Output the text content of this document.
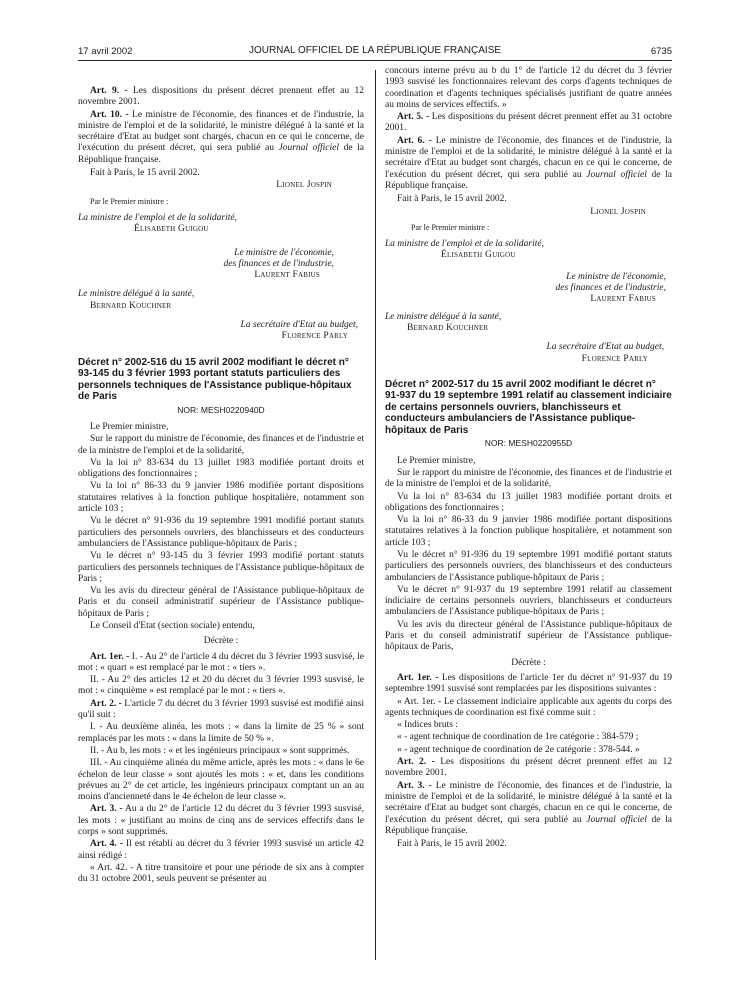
17 avril 2002	JOURNAL OFFICIEL DE LA RÉPUBLIQUE FRANÇAISE	6735

Art. 9. - Les dispositions du présent décret prennent effet au 12 novembre 2001.

Art. 10. - Le ministre de l'économie, des finances et de l'industrie, la ministre de l'emploi et de la solidarité, le ministre délégué à la santé et la secrétaire d'Etat au budget sont chargés, chacun en ce qui le concerne, de l'exécution du présent décret, qui sera publié au Journal officiel de la République française.

Fait à Paris, le 15 avril 2002.

Lionel Jospin

Par le Premier ministre :

La ministre de l'emploi et de la solidarité,

Élisabeth Guigou

Le ministre de l'économie,

des finances et de l'industrie,

Laurent Fabius

Le ministre délégué à la santé,

Bernard Kouchner

La secrétaire d'Etat au budget,

Florence Parly

Décret n° 2002-516 du 15 avril 2002 modifiant le décret n° 93-145 du 3 février 1993 portant statuts particuliers des personnels techniques de l'Assistance publique-hôpitaux de Paris

NOR: MESH0220940D

Le Premier ministre,

Sur le rapport du ministre de l'économie, des finances et de l'industrie et de la ministre de l'emploi et de la solidarité,

Vu la loi n° 83-634 du 13 juillet 1983 modifiée portant droits et obligations des fonctionnaires ;

Vu la loi n° 86-33 du 9 janvier 1986 modifiée portant dispositions statutaires relatives à la fonction publique hospitalière, notamment son article 103 ;

Vu le décret n° 91-936 du 19 septembre 1991 modifié portant statuts particuliers des personnels ouvriers, des blanchisseurs et des conducteurs ambulanciers de l'Assistance publique-hôpitaux de Paris ;

Vu le décret n° 93-145 du 3 février 1993 modifié portant statuts particuliers des personnels techniques de l'Assistance publique-hôpitaux de Paris ;

Vu les avis du directeur général de l'Assistance publique-hôpitaux de Paris et du conseil administratif supérieur de l'Assistance publique-hôpitaux de Paris ;

Le Conseil d'Etat (section sociale) entendu,

Décrète :

Art. 1er. - I. - Au 2° de l'article 4 du décret du 3 février 1993 susvisé, le mot : « quart » est remplacé par le mot : « tiers ».

II. - Au 2° des articles 12 et 20 du décret du 3 février 1993 susvisé, le mot : « cinquième » est remplacé par le mot : « tiers ».

Art. 2. - L'article 7 du décret du 3 février 1993 susvisé est modifié ainsi qu'il suit :

I. - Au deuxième alinéa, les mots : « dans la limite de 25 % » sont remplacés par les mots : « dans la limite de 50 % ».

II. - Au b, les mots : « et les ingénieurs principaux » sont supprimés.

III. - Au cinquième alinéa du même article, après les mots : « dans le 6e échelon de leur classe » sont ajoutés les mots : « et, dans les conditions prévues au 2° de cet article, les ingénieurs principaux comptant un an au moins d'ancienneté dans le 4e échelon de leur classe ».

Art. 3. - Au a du 2° de l'article 12 du décret du 3 février 1993 susvisé, les mots : « justifiant au moins de cinq ans de services effectifs dans le corps » sont supprimés.

Art. 4. - Il est rétabli au décret du 3 février 1993 susvisé un article 42 ainsi rédigé :

« Art. 42. - A titre transitoire et pour une période de six ans à compter du 31 octobre 2001, seuls peuvent se présenter au

concours interne prévu au b du 1° de l'article 12 du décret du 3 février 1993 susvisé les fonctionnaires relevant des corps d'agents techniques de coordination et d'agents techniques spécialisés justifiant de quatre années au moins de services effectifs. »

Art. 5. - Les dispositions du présent décret prennent effet au 31 octobre 2001.

Art. 6. - Le ministre de l'économie, des finances et de l'industrie, la ministre de l'emploi et de la solidarité, le ministre délégué à la santé et la secrétaire d'Etat au budget sont chargés, chacun en ce qui le concerne, de l'exécution du présent décret, qui sera publié au Journal officiel de la République française.

Fait à Paris, le 15 avril 2002.

Lionel Jospin

Par le Premier ministre :

La ministre de l'emploi et de la solidarité,

Élisabeth Guigou

Le ministre de l'économie,

des finances et de l'industrie,

Laurent Fabius

Le ministre délégué à la santé,

Bernard Kouchner

La secrétaire d'Etat au budget,

Florence Parly

Décret n° 2002-517 du 15 avril 2002 modifiant le décret n° 91-937 du 19 septembre 1991 relatif au classement indiciaire de certains personnels ouvriers, blanchisseurs et conducteurs ambulanciers de l'Assistance publique-hôpitaux de Paris

NOR: MESH0220955D

Le Premier ministre,

Sur le rapport du ministre de l'économie, des finances et de l'industrie et de la ministre de l'emploi et de la solidarité,

Vu la loi n° 83-634 du 13 juillet 1983 modifiée portant droits et obligations des fonctionnaires ;

Vu la loi n° 86-33 du 9 janvier 1986 modifiée portant dispositions statutaires relatives à la fonction publique hospitalière, et notamment son article 103 ;

Vu le décret n° 91-936 du 19 septembre 1991 modifié portant statuts particuliers des personnels ouvriers, des blanchisseurs et des conducteurs ambulanciers de l'Assistance publique-hôpitaux de Paris ;

Vu le décret n° 91-937 du 19 septembre 1991 relatif au classement indiciaire de certains personnels ouvriers, blanchisseurs et conducteurs ambulanciers de l'Assistance publique-hôpitaux de Paris ;

Vu les avis du directeur général de l'Assistance publique-hôpitaux de Paris et du conseil administratif supérieur de l'Assistance publique-hôpitaux de Paris,

Décrète :

Art. 1er. - Les dispositions de l'article 1er du décret n° 91-937 du 19 septembre 1991 susvisé sont remplacées par les dispositions suivantes :

« Art. 1er. - Le classement indiciaire applicable aux agents du corps des agents techniques de coordination est fixé comme suit :

« Indices bruts :

« - agent technique de coordination de 1re catégorie : 384-579 ;

« - agent technique de coordination de 2e catégorie : 378-544. »

Art. 2. - Les dispositions du présent décret prennent effet au 12 novembre 2001.

Art. 3. - Le ministre de l'économie, des finances et de l'industrie, la ministre de l'emploi et de la solidarité, le ministre délégué à la santé et la secrétaire d'Etat au budget sont chargés, chacun en ce qui le concerne, de l'exécution du présent décret, qui sera publié au Journal officiel de la République française.

Fait à Paris, le 15 avril 2002.
